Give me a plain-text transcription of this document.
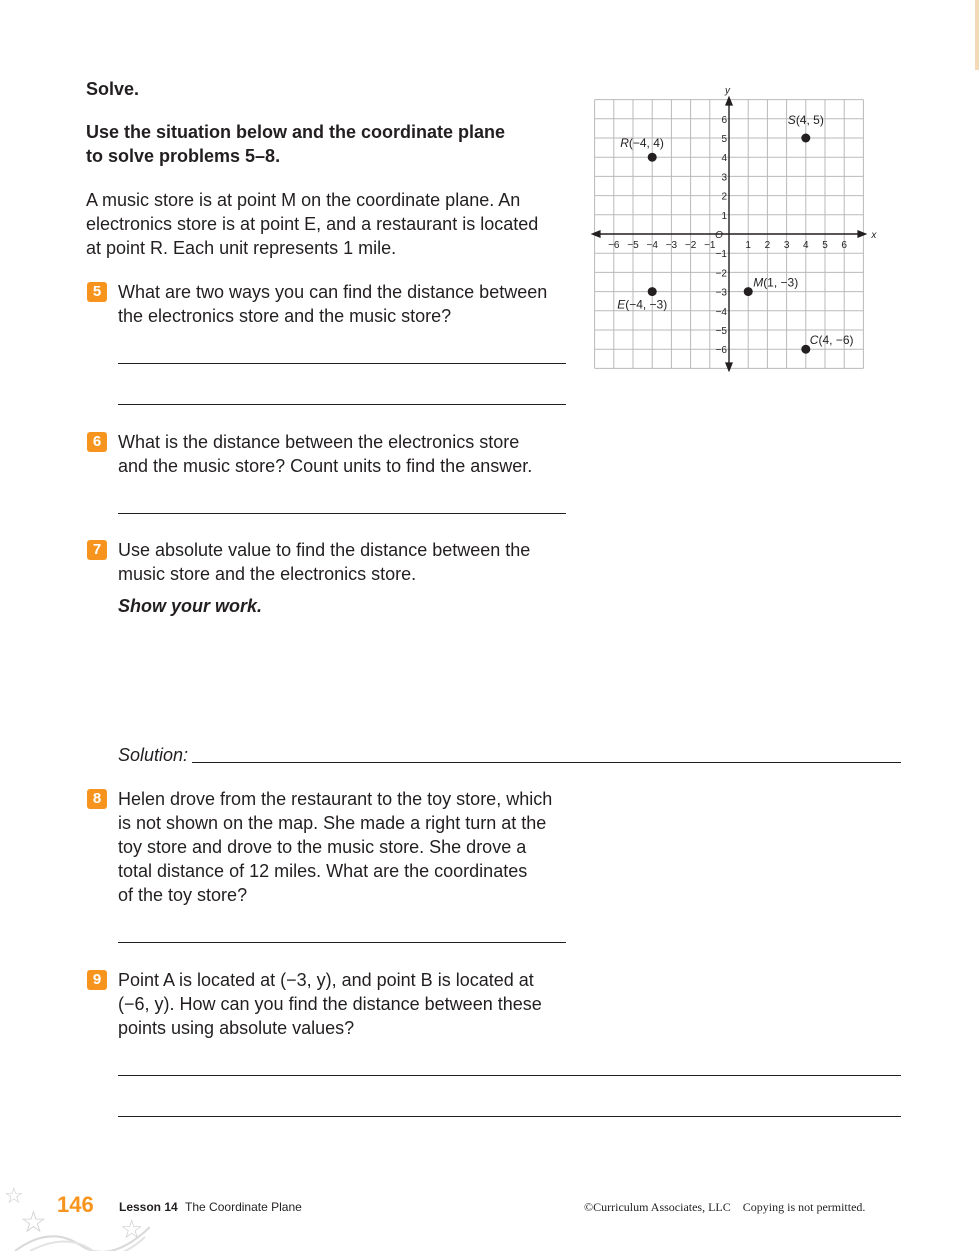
Solve.
Use the situation below and the coordinate plane
to solve problems 5–8.
A music store is at point M on the coordinate plane. An
electronics store is at point E, and a restaurant is located
at point R. Each unit represents 1 mile.
x
y
O
−6 −5 −4 −3 −2 −1	1 2 3 4 5 6
6
5
4
3
2
1
−1
−2
−3
−4
−5
−6
R(−4, 4)
S(4, 5)
E(−4, −3)
M(1, −3)
C(4, −6)
5 What are two ways you can find the distance between
the electronics store and the music store?
6 What is the distance between the electronics store
and the music store? Count units to find the answer.
7 Use absolute value to find the distance between the
music store and the electronics store.
Show your work.
Solution:
8 Helen drove from the restaurant to the toy store, which
is not shown on the map. She made a right turn at the
toy store and drove to the music store. She drove a
total distance of 12 miles. What are the coordinates
of the toy store?
9 Point A is located at (−3, y), and point B is located at
(−6, y). How can you find the distance between these
points using absolute values?
☆
☆	☆
146 Lesson 14 The Coordinate Plane	©Curriculum Associates, LLC    Copying is not permitted.
